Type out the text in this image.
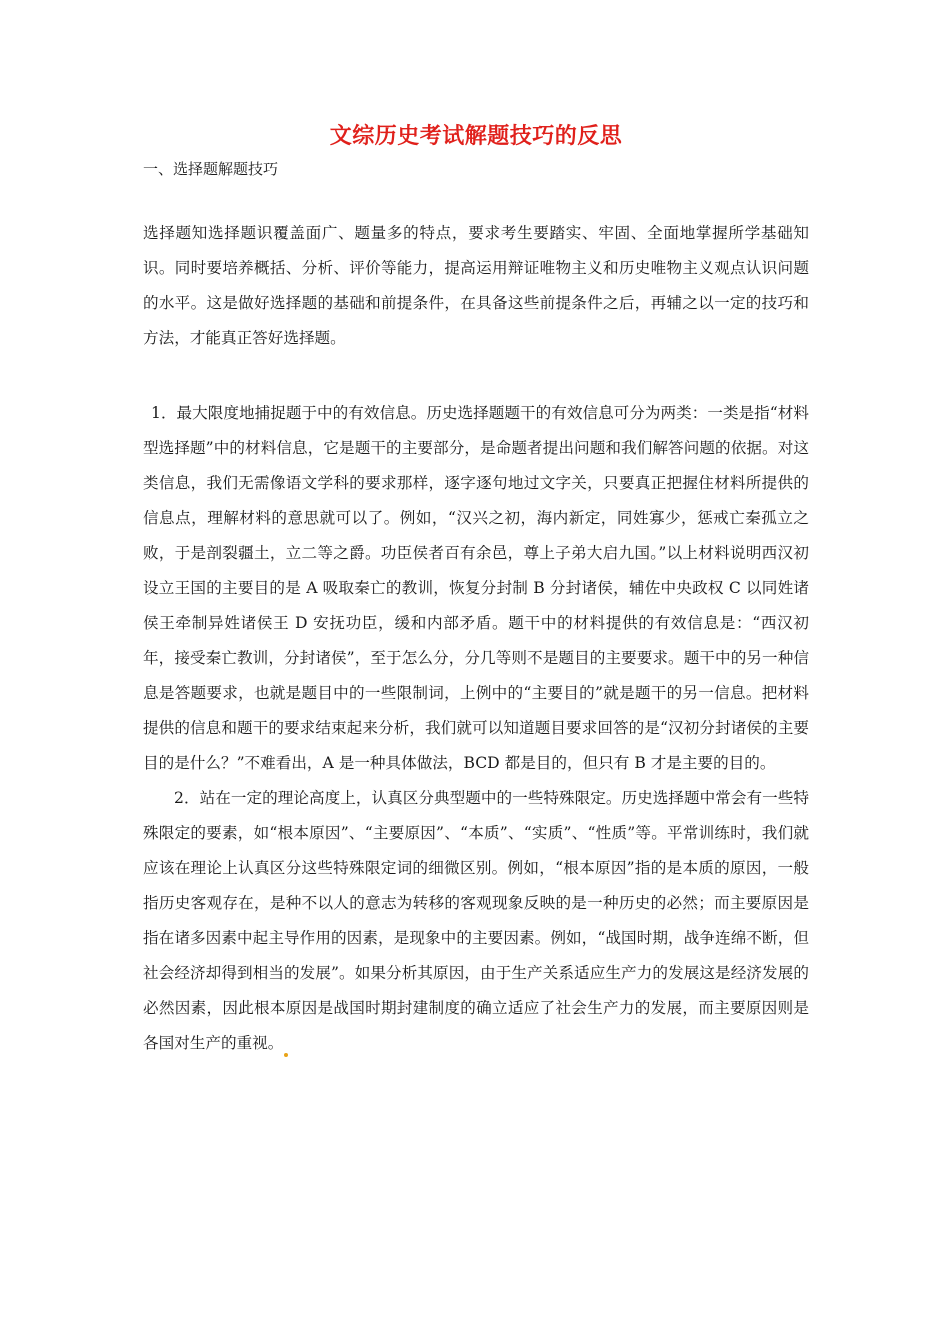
文综历史考试解题技巧的反思

一、选择题解题技巧

选择题知选择题识覆盖面广、题量多的特点，要求考生要踏实、牢固、全面地掌握所学基础知识。同时要培养概括、分析、评价等能力，提高运用辩证唯物主义和历史唯物主义观点认识问题的水平。这是做好选择题的基础和前提条件，在具备这些前提条件之后，再辅之以一定的技巧和方法，才能真正答好选择题。

1．最大限度地捕捉题于中的有效信息。历史选择题题干的有效信息可分为两类：一类是指“材料型选择题”中的材料信息，它是题干的主要部分，是命题者提出问题和我们解答问题的依据。对这类信息，我们无需像语文学科的要求那样，逐字逐句地过文字关，只要真正把握住材料所提供的信息点，理解材料的意思就可以了。例如，“汉兴之初，海内新定，同姓寡少，惩戒亡秦孤立之败，于是剖裂疆土，立二等之爵。功臣侯者百有余邑，尊上子弟大启九国。”以上材料说明西汉初设立王国的主要目的是 A 吸取秦亡的教训，恢复分封制 B 分封诸侯，辅佐中央政权 C 以同姓诸侯王牵制异姓诸侯王 D 安抚功臣，缓和内部矛盾。题干中的材料提供的有效信息是：“西汉初年，接受秦亡教训，分封诸侯”，至于怎么分，分几等则不是题目的主要要求。题干中的另一种信息是答题要求，也就是题目中的一些限制词，上例中的“主要目的”就是题干的另一信息。把材料提供的信息和题干的要求结束起来分析，我们就可以知道题目要求回答的是“汉初分封诸侯的主要目的是什么？”不难看出，A 是一种具体做法，BCD 都是目的，但只有 B 才是主要的目的。

2．站在一定的理论高度上，认真区分典型题中的一些特殊限定。历史选择题中常会有一些特殊限定的要素，如“根本原因”、“主要原因”、“本质”、“实质”、“性质”等。平常训练时，我们就应该在理论上认真区分这些特殊限定词的细微区别。例如，“根本原因”指的是本质的原因，一般指历史客观存在，是种不以人的意志为转移的客观现象反映的是一种历史的必然；而主要原因是指在诸多因素中起主导作用的因素，是现象中的主要因素。例如，“战国时期，战争连绵不断，但社会经济却得到相当的发展”。如果分析其原因，由于生产关系适应生产力的发展这是经济发展的必然因素，因此根本原因是战国时期封建制度的确立适应了社会生产力的发展，而主要原因则是各国对生产的重视。
